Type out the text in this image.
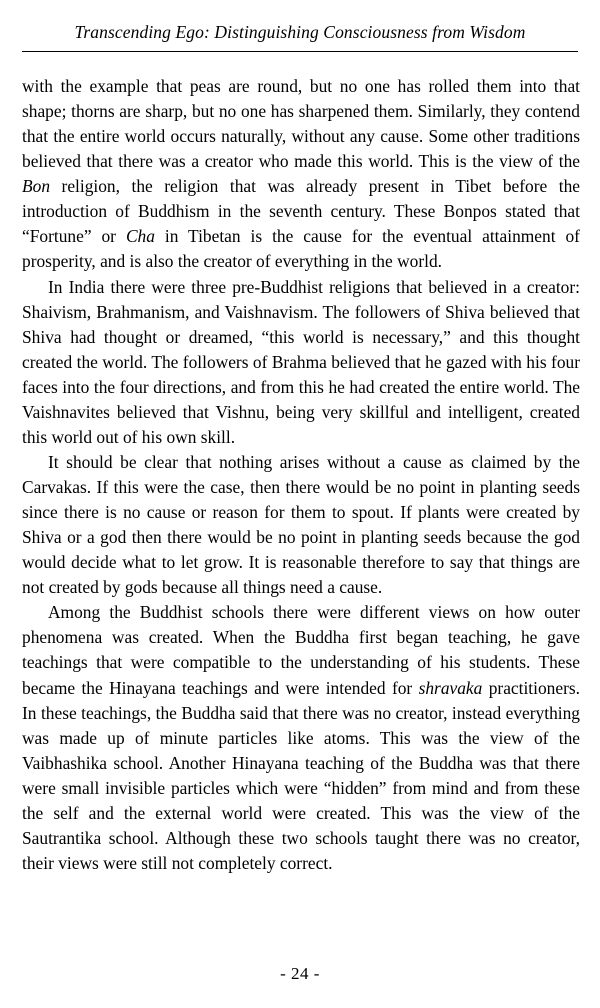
Transcending Ego: Distinguishing Consciousness from Wisdom

with the example that peas are round, but no one has rolled them into that shape; thorns are sharp, but no one has sharpened them. Similarly, they contend that the entire world occurs naturally, without any cause. Some other traditions believed that there was a creator who made this world. This is the view of the Bon religion, the religion that was already present in Tibet before the introduction of Buddhism in the seventh century. These Bonpos stated that “Fortune” or Cha in Tibetan is the cause for the eventual attainment of prosperity, and is also the creator of everything in the world.

In India there were three pre-Buddhist religions that believed in a creator: Shaivism, Brahmanism, and Vaishnavism. The followers of Shiva believed that Shiva had thought or dreamed, “this world is necessary,” and this thought created the world. The followers of Brahma believed that he gazed with his four faces into the four directions, and from this he had created the entire world. The Vaishnavites believed that Vishnu, being very skillful and intelligent, created this world out of his own skill.

It should be clear that nothing arises without a cause as claimed by the Carvakas. If this were the case, then there would be no point in planting seeds since there is no cause or reason for them to spout. If plants were created by Shiva or a god then there would be no point in planting seeds because the god would decide what to let grow. It is reasonable therefore to say that things are not created by gods because all things need a cause.

Among the Buddhist schools there were different views on how outer phenomena was created. When the Buddha first began teaching, he gave teachings that were compatible to the understanding of his students. These became the Hinayana teachings and were intended for shravaka practitioners. In these teachings, the Buddha said that there was no creator, instead everything was made up of minute particles like atoms. This was the view of the Vaibhashika school. Another Hinayana teaching of the Buddha was that there were small invisible particles which were “hidden” from mind and from these the self and the external world were created. This was the view of the Sautrantika school. Although these two schools taught there was no creator, their views were still not completely correct.

- 24 -
